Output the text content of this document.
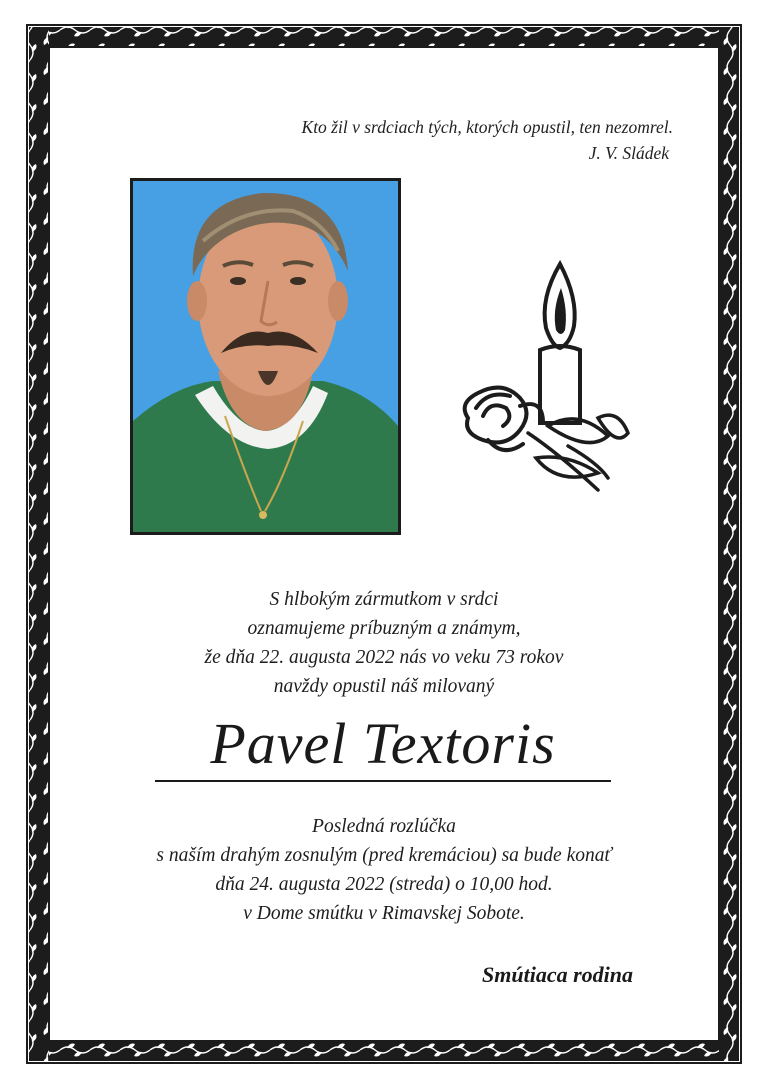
Kto žil v srdciach tých, ktorých opustil, ten nezomrel.
J. V. Sládek
S hlbokým zármutkom v srdci
oznamujeme príbuzným a známym,
že dňa 22. augusta 2022 nás vo veku 73 rokov
navždy opustil náš milovaný
Pavel Textoris
Posledná rozlúčka
s naším drahým zosnulým (pred kremáciou) sa bude konať
dňa 24. augusta 2022 (streda) o 10,00 hod.
v Dome smútku v Rimavskej Sobote.
Smútiaca rodina
